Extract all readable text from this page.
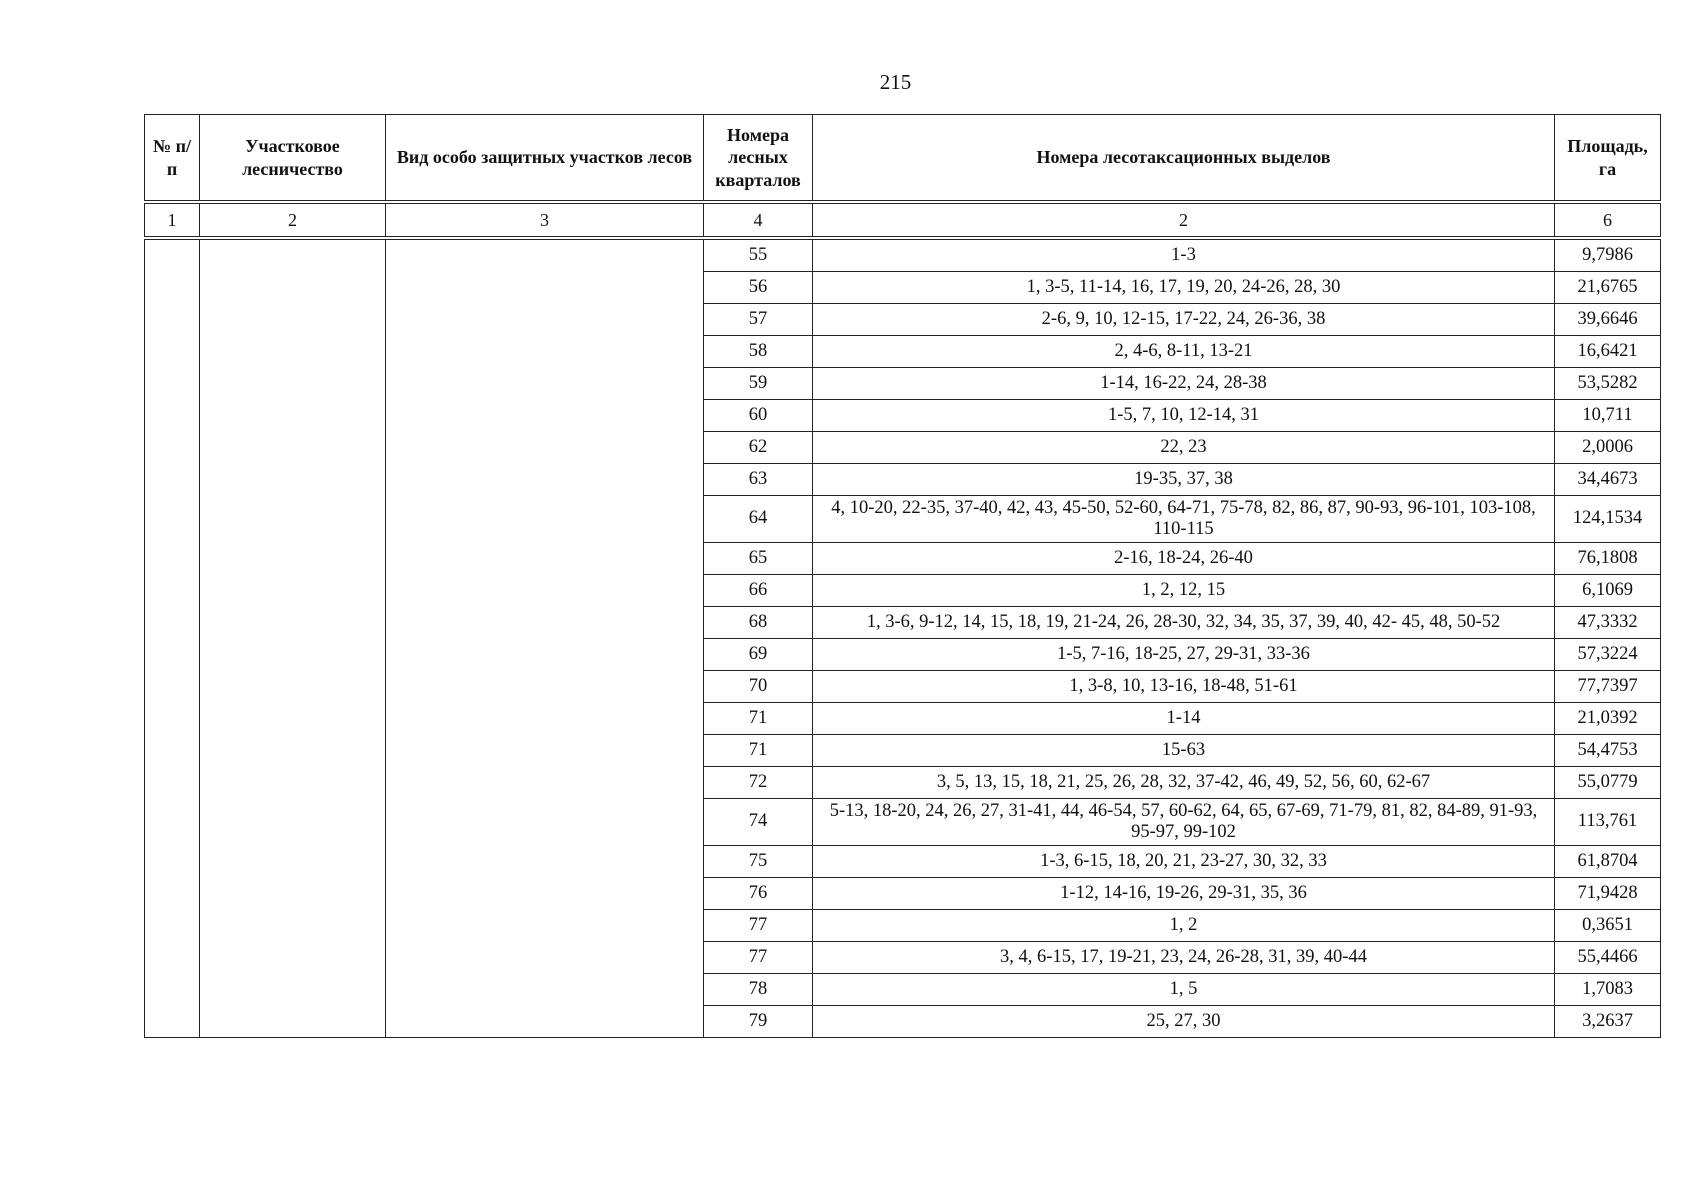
215
№ п/п	Участковое лесничество	Вид особо защитных участков лесов	Номера лесных кварталов	Номера лесотаксационных выделов	Площадь, га
1	2	3	4	2	6
			55	1-3	9,7986
			56	1, 3-5, 11-14, 16, 17, 19, 20, 24-26, 28, 30	21,6765
			57	2-6, 9, 10, 12-15, 17-22, 24, 26-36, 38	39,6646
			58	2, 4-6, 8-11, 13-21	16,6421
			59	1-14, 16-22, 24, 28-38	53,5282
			60	1-5, 7, 10, 12-14, 31	10,711
			62	22, 23	2,0006
			63	19-35, 37, 38	34,4673
			64	4, 10-20, 22-35, 37-40, 42, 43, 45-50, 52-60, 64-71, 75-78, 82, 86, 87, 90-93, 96-101, 103-108, 110-115	124,1534
			65	2-16, 18-24, 26-40	76,1808
			66	1, 2, 12, 15	6,1069
			68	1, 3-6, 9-12, 14, 15, 18, 19, 21-24, 26, 28-30, 32, 34, 35, 37, 39, 40, 42- 45, 48, 50-52	47,3332
			69	1-5, 7-16, 18-25, 27, 29-31, 33-36	57,3224
			70	1, 3-8, 10, 13-16, 18-48, 51-61	77,7397
			71	1-14	21,0392
			71	15-63	54,4753
			72	3, 5, 13, 15, 18, 21, 25, 26, 28, 32, 37-42, 46, 49, 52, 56, 60, 62-67	55,0779
			74	5-13, 18-20, 24, 26, 27, 31-41, 44, 46-54, 57, 60-62, 64, 65, 67-69, 71-79, 81, 82, 84-89, 91-93, 95-97, 99-102	113,761
			75	1-3, 6-15, 18, 20, 21, 23-27, 30, 32, 33	61,8704
			76	1-12, 14-16, 19-26, 29-31, 35, 36	71,9428
			77	1, 2	0,3651
			77	3, 4, 6-15, 17, 19-21, 23, 24, 26-28, 31, 39, 40-44	55,4466
			78	1, 5	1,7083
			79	25, 27, 30	3,2637
